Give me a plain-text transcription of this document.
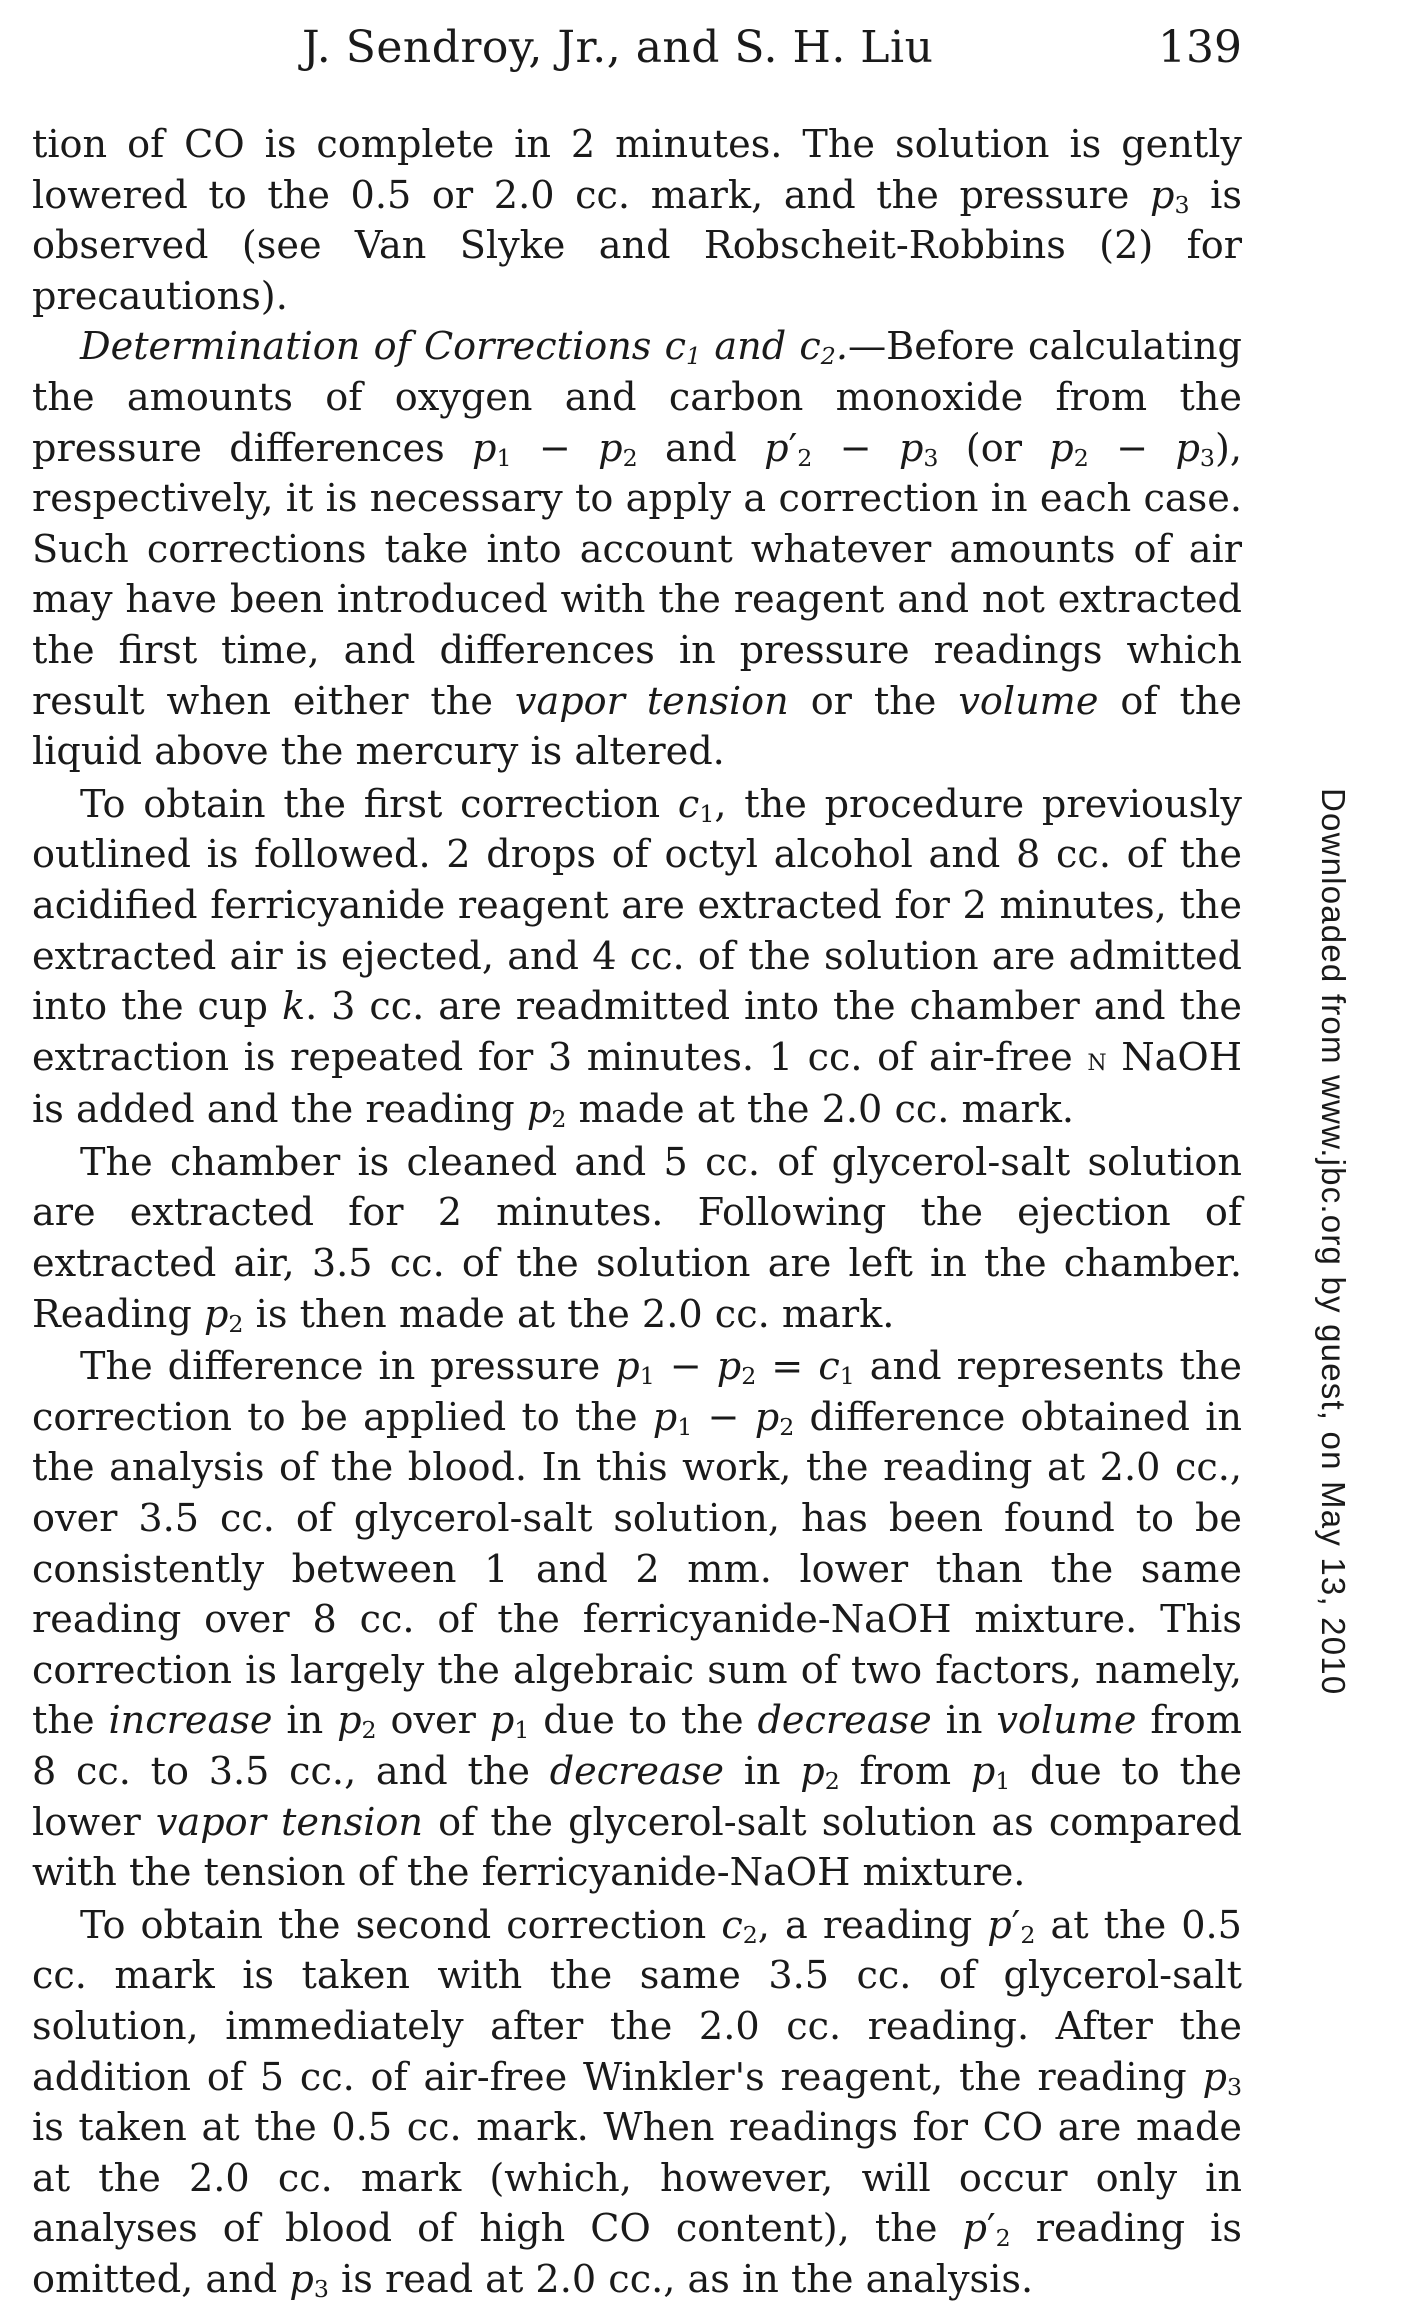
J. Sendroy, Jr., and S. H. Liu	139

tion of CO is complete in 2 minutes. The solution is gently lowered to the 0.5 or 2.0 cc. mark, and the pressure $p_3$ is observed (see Van Slyke and Robscheit-Robbins (2) for precautions).

Determination of Corrections $c_1$ and $c_2.—Before$ calculating the amounts of oxygen and carbon monoxide from the pressure differences $p_1 - p_2$ and $p'_2 - p_3$ (or $p_2 - p_3$), respectively, it is necessary to apply a correction in each case. Such corrections take into account whatever amounts of air may have been introduced with the reagent and not extracted the first time, and differences in pressure readings which result when either the vapor tension or the volume of the liquid above the mercury is altered.

To obtain the first correction $c_1$, the procedure previously outlined is followed. 2 drops of octyl alcohol and 8 cc. of the acidified ferricyanide reagent are extracted for 2 minutes, the extracted air is ejected, and 4 cc. of the solution are admitted into the cup k. 3 cc. are readmitted into the chamber and the extraction is repeated for 3 minutes. 1 cc. of air-free n NaOH is added and the reading $p_2$ made at the 2.0 cc. mark.

The chamber is cleaned and 5 cc. of glycerol-salt solution are extracted for 2 minutes. Following the ejection of extracted air, 3.5 cc. of the solution are left in the chamber. Reading $p_2$ is then made at the 2.0 cc. mark.

The difference in pressure $p_1 - p_2 = c_1$ and represents the correction to be applied to the $p_1 - p_2$ difference obtained in the analysis of the blood. In this work, the reading at 2.0 cc., over 3.5 cc. of glycerol-salt solution, has been found to be consistently between 1 and 2 mm. lower than the same reading over 8 cc. of the ferricyanide-NaOH mixture. This correction is largely the algebraic sum of two factors, namely, the increase in $p_2$ over $p_1$ due to the decrease in volume from 8 cc. to 3.5 cc., and the decrease in $p_2$ from $p_1$ due to the lower vapor tension of the glycerol-salt solution as compared with the tension of the ferricyanide-NaOH mixture.

To obtain the second correction $c_2$, a reading $p'_2$ at the 0.5 cc. mark is taken with the same 3.5 cc. of glycerol-salt solution, immediately after the 2.0 cc. reading. After the addition of 5 cc. of air-free Winkler's reagent, the reading $p_3$ is taken at the 0.5 cc. mark. When readings for CO are made at the 2.0 cc. mark (which, however, will occur only in analyses of blood of high CO content), the $p'_2$ reading is omitted, and $p_3$ is read at 2.0 cc., as in the analysis.

Downloaded from www.jbc.org by guest, on May 13, 2010
